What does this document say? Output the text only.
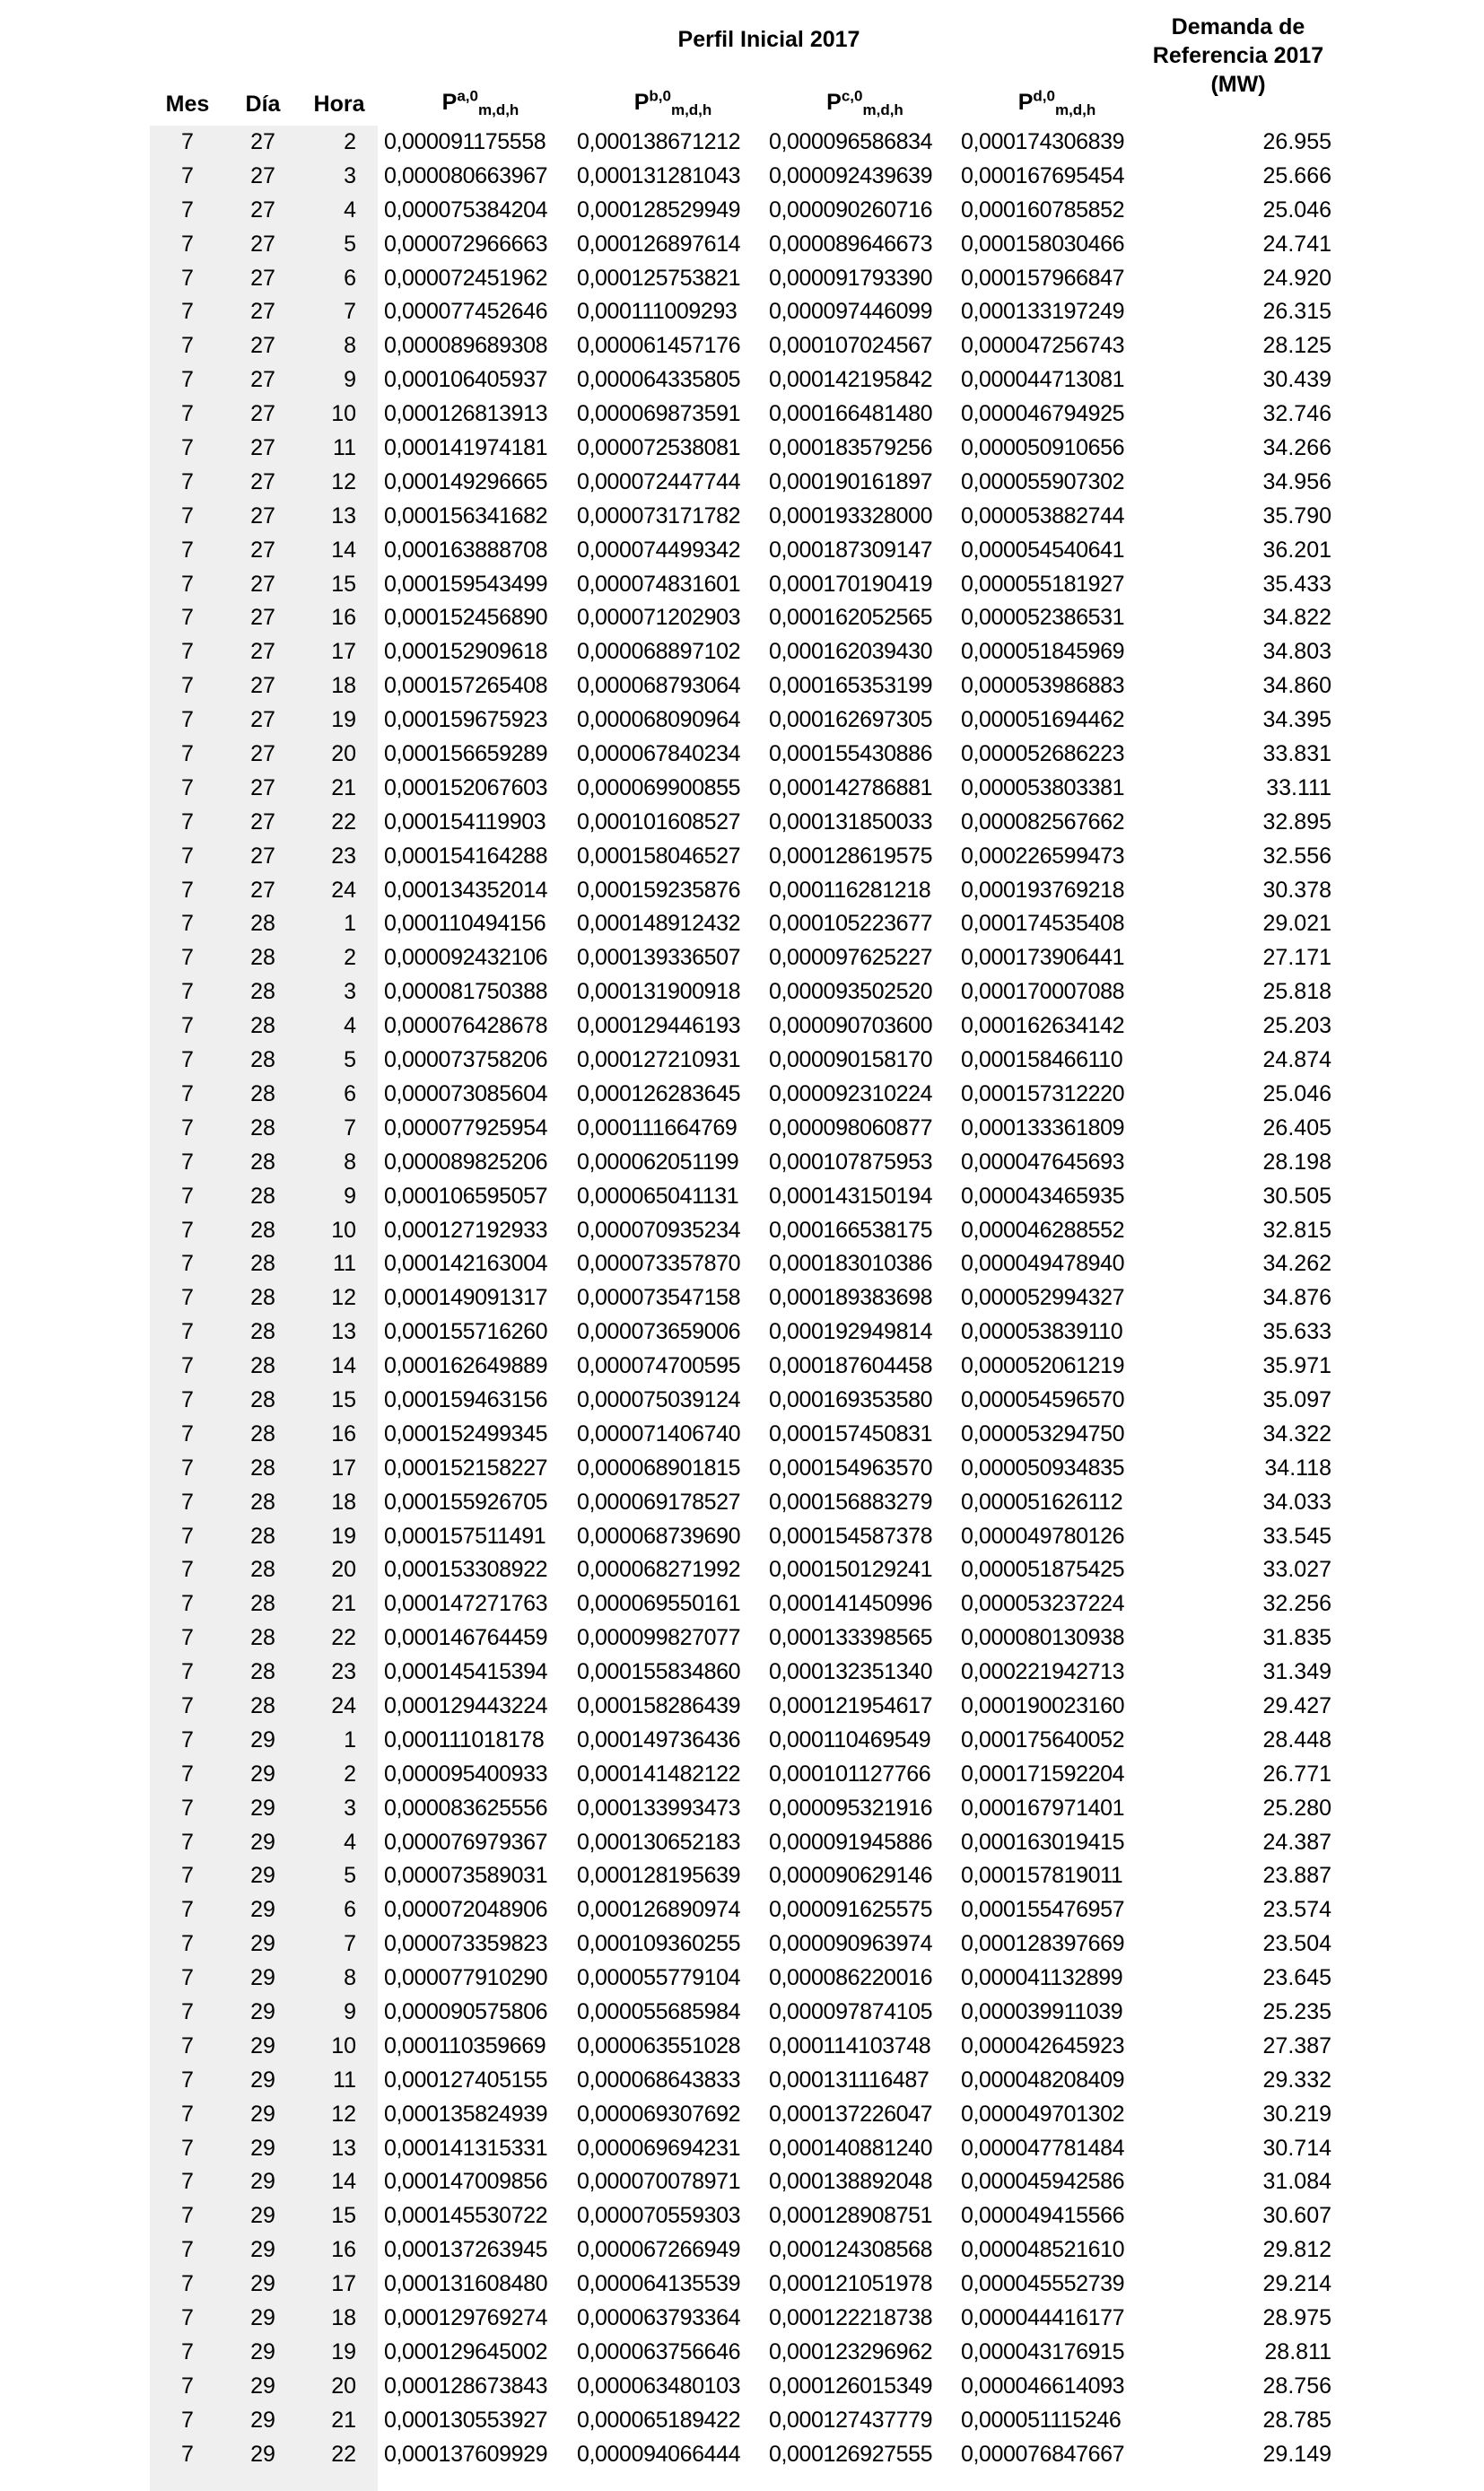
Perfil Inicial 2017	Demanda de
Referencia 2017
(MW)
Mes	Día	Hora	P$^{a,0}_{m,d,h}$	P$^{b,0}_{m,d,h}$	P$^{c,0}_{m,d,h}$	P$^{d,0}_{m,d,h}$
7	27	2	0,000091175558 0,000138671212 0,000096586834 0,000174306839	26.955
7	27	3	0,000080663967 0,000131281043 0,000092439639 0,000167695454	25.666
7	27	4	0,000075384204 0,000128529949 0,000090260716 0,000160785852	25.046
7	27	5	0,000072966663 0,000126897614 0,000089646673 0,000158030466	24.741
7	27	6	0,000072451962 0,000125753821 0,000091793390 0,000157966847	24.920
7	27	7	0,000077452646 0,000111009293 0,000097446099 0,000133197249	26.315
7	27	8	0,000089689308 0,000061457176 0,000107024567 0,000047256743	28.125
7	27	9	0,000106405937 0,000064335805 0,000142195842 0,000044713081	30.439
7	27	10	0,000126813913 0,000069873591 0,000166481480 0,000046794925	32.746
7	27	11	0,000141974181 0,000072538081 0,000183579256 0,000050910656	34.266
7	27	12	0,000149296665 0,000072447744 0,000190161897 0,000055907302	34.956
7	27	13	0,000156341682 0,000073171782 0,000193328000 0,000053882744	35.790
7	27	14	0,000163888708 0,000074499342 0,000187309147 0,000054540641	36.201
7	27	15	0,000159543499 0,000074831601 0,000170190419 0,000055181927	35.433
7	27	16	0,000152456890 0,000071202903 0,000162052565 0,000052386531	34.822
7	27	17	0,000152909618 0,000068897102 0,000162039430 0,000051845969	34.803
7	27	18	0,000157265408 0,000068793064 0,000165353199 0,000053986883	34.860
7	27	19	0,000159675923 0,000068090964 0,000162697305 0,000051694462	34.395
7	27	20	0,000156659289 0,000067840234 0,000155430886 0,000052686223	33.831
7	27	21	0,000152067603 0,000069900855 0,000142786881 0,000053803381	33.111
7	27	22	0,000154119903 0,000101608527 0,000131850033 0,000082567662	32.895
7	27	23	0,000154164288 0,000158046527 0,000128619575 0,000226599473	32.556
7	27	24	0,000134352014 0,000159235876 0,000116281218 0,000193769218	30.378
7	28	1	0,000110494156 0,000148912432 0,000105223677 0,000174535408	29.021
7	28	2	0,000092432106 0,000139336507 0,000097625227 0,000173906441	27.171
7	28	3	0,000081750388 0,000131900918 0,000093502520 0,000170007088	25.818
7	28	4	0,000076428678 0,000129446193 0,000090703600 0,000162634142	25.203
7	28	5	0,000073758206 0,000127210931 0,000090158170 0,000158466110	24.874
7	28	6	0,000073085604 0,000126283645 0,000092310224 0,000157312220	25.046
7	28	7	0,000077925954 0,000111664769 0,000098060877 0,000133361809	26.405
7	28	8	0,000089825206 0,000062051199 0,000107875953 0,000047645693	28.198
7	28	9	0,000106595057 0,000065041131 0,000143150194 0,000043465935	30.505
7	28	10	0,000127192933 0,000070935234 0,000166538175 0,000046288552	32.815
7	28	11	0,000142163004 0,000073357870 0,000183010386 0,000049478940	34.262
7	28	12	0,000149091317 0,000073547158 0,000189383698 0,000052994327	34.876
7	28	13	0,000155716260 0,000073659006 0,000192949814 0,000053839110	35.633
7	28	14	0,000162649889 0,000074700595 0,000187604458 0,000052061219	35.971
7	28	15	0,000159463156 0,000075039124 0,000169353580 0,000054596570	35.097
7	28	16	0,000152499345 0,000071406740 0,000157450831 0,000053294750	34.322
7	28	17	0,000152158227 0,000068901815 0,000154963570 0,000050934835	34.118
7	28	18	0,000155926705 0,000069178527 0,000156883279 0,000051626112	34.033
7	28	19	0,000157511491 0,000068739690 0,000154587378 0,000049780126	33.545
7	28	20	0,000153308922 0,000068271992 0,000150129241 0,000051875425	33.027
7	28	21	0,000147271763 0,000069550161 0,000141450996 0,000053237224	32.256
7	28	22	0,000146764459 0,000099827077 0,000133398565 0,000080130938	31.835
7	28	23	0,000145415394 0,000155834860 0,000132351340 0,000221942713	31.349
7	28	24	0,000129443224 0,000158286439 0,000121954617 0,000190023160	29.427
7	29	1	0,000111018178 0,000149736436 0,000110469549 0,000175640052	28.448
7	29	2	0,000095400933 0,000141482122 0,000101127766 0,000171592204	26.771
7	29	3	0,000083625556 0,000133993473 0,000095321916 0,000167971401	25.280
7	29	4	0,000076979367 0,000130652183 0,000091945886 0,000163019415	24.387
7	29	5	0,000073589031 0,000128195639 0,000090629146 0,000157819011	23.887
7	29	6	0,000072048906 0,000126890974 0,000091625575 0,000155476957	23.574
7	29	7	0,000073359823 0,000109360255 0,000090963974 0,000128397669	23.504
7	29	8	0,000077910290 0,000055779104 0,000086220016 0,000041132899	23.645
7	29	9	0,000090575806 0,000055685984 0,000097874105 0,000039911039	25.235
7	29	10	0,000110359669 0,000063551028 0,000114103748 0,000042645923	27.387
7	29	11	0,000127405155 0,000068643833 0,000131116487 0,000048208409	29.332
7	29	12	0,000135824939 0,000069307692 0,000137226047 0,000049701302	30.219
7	29	13	0,000141315331 0,000069694231 0,000140881240 0,000047781484	30.714
7	29	14	0,000147009856 0,000070078971 0,000138892048 0,000045942586	31.084
7	29	15	0,000145530722 0,000070559303 0,000128908751 0,000049415566	30.607
7	29	16	0,000137263945 0,000067266949 0,000124308568 0,000048521610	29.812
7	29	17	0,000131608480 0,000064135539 0,000121051978 0,000045552739	29.214
7	29	18	0,000129769274 0,000063793364 0,000122218738 0,000044416177	28.975
7	29	19	0,000129645002 0,000063756646 0,000123296962 0,000043176915	28.811
7	29	20	0,000128673843 0,000063480103 0,000126015349 0,000046614093	28.756
7	29	21	0,000130553927 0,000065189422 0,000127437779 0,000051115246	28.785
7	29	22	0,000137609929 0,000094066444 0,000126927555 0,000076847667	29.149
